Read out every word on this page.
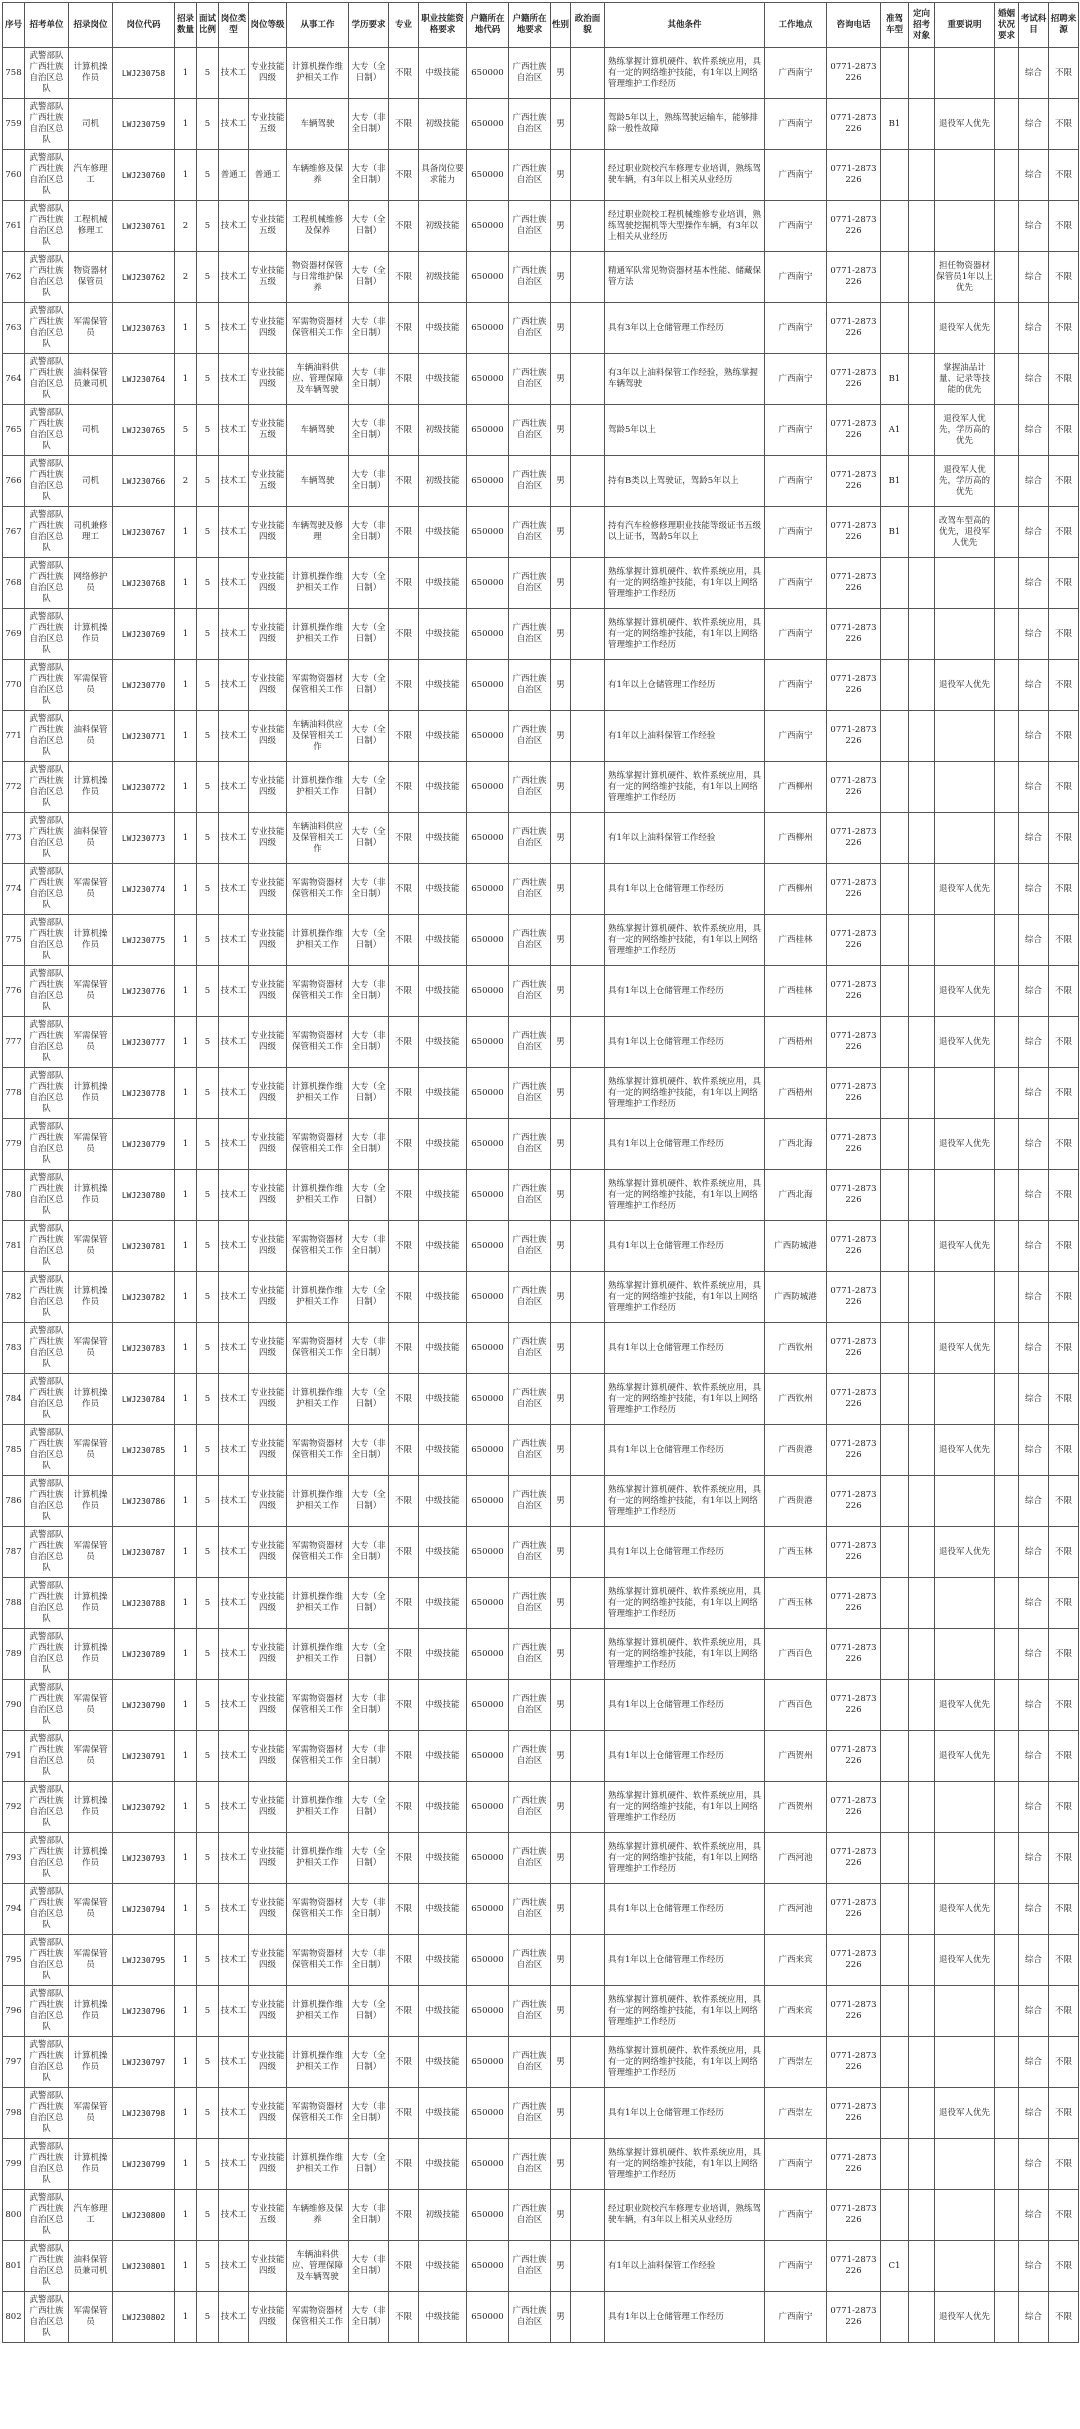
序号	招考单位	招录岗位	岗位代码	招录数量	面试比例	岗位类型	岗位等级	从事工作	学历要求	专业	职业技能资格要求	户籍所在地代码	户籍所在地要求	性别	政治面貌	其他条件	工作地点	咨询电话	准驾车型	定向招考对象	重要说明	婚姻状况要求	考试科目	招聘来源
758	武警部队广西壮族自治区总队	计算机操作员	LWJ230758	1	5	技术工	专业技能四级	计算机操作维护相关工作	大专（全日制）	不限	中级技能	650000	广西壮族自治区	男		熟练掌握计算机硬件、软件系统应用，具有一定的网络维护技能，有1年以上网络管理维护工作经历	广西南宁	0771-2873226					综合	不限
759	武警部队广西壮族自治区总队	司机	LWJ230759	1	5	技术工	专业技能五级	车辆驾驶	大专（非全日制）	不限	初级技能	650000	广西壮族自治区	男		驾龄5年以上，熟练驾驶运输车，能够排除一般性故障	广西南宁	0771-2873226	B1		退役军人优先		综合	不限
760	武警部队广西壮族自治区总队	汽车修理工	LWJ230760	1	5	普通工	普通工	车辆维修及保养	大专（非全日制）	不限	具备岗位要求能力	650000	广西壮族自治区	男		经过职业院校汽车修理专业培训，熟练驾驶车辆，有3年以上相关从业经历	广西南宁	0771-2873226					综合	不限
761	武警部队广西壮族自治区总队	工程机械修理工	LWJ230761	2	5	技术工	专业技能五级	工程机械维修及保养	大专（全日制）	不限	初级技能	650000	广西壮族自治区	男		经过职业院校工程机械维修专业培训，熟练驾驶挖掘机等大型操作车辆，有3年以上相关从业经历	广西南宁	0771-2873226					综合	不限
762	武警部队广西壮族自治区总队	物资器材保管员	LWJ230762	2	5	技术工	专业技能五级	物资器材保管与日常维护保养	大专（全日制）	不限	初级技能	650000	广西壮族自治区	男		精通军队常见物资器材基本性能、储藏保管方法	广西南宁	0771-2873226			担任物资器材保管员1年以上优先		综合	不限
763	武警部队广西壮族自治区总队	军需保管员	LWJ230763	1	5	技术工	专业技能四级	军需物资器材保管相关工作	大专（非全日制）	不限	中级技能	650000	广西壮族自治区	男		具有3年以上仓储管理工作经历	广西南宁	0771-2873226			退役军人优先		综合	不限
764	武警部队广西壮族自治区总队	油料保管员兼司机	LWJ230764	1	5	技术工	专业技能四级	车辆油料供应、管理保障及车辆驾驶	大专（非全日制）	不限	中级技能	650000	广西壮族自治区	男		有3年以上油料保管工作经验，熟练掌握车辆驾驶	广西南宁	0771-2873226	B1		掌握油品计量、记录等技能的优先		综合	不限
765	武警部队广西壮族自治区总队	司机	LWJ230765	5	5	技术工	专业技能五级	车辆驾驶	大专（非全日制）	不限	初级技能	650000	广西壮族自治区	男		驾龄5年以上	广西南宁	0771-2873226	A1		退役军人优先，学历高的优先		综合	不限
766	武警部队广西壮族自治区总队	司机	LWJ230766	2	5	技术工	专业技能五级	车辆驾驶	大专（非全日制）	不限	初级技能	650000	广西壮族自治区	男		持有B类以上驾驶证，驾龄5年以上	广西南宁	0771-2873226	B1		退役军人优先，学历高的优先		综合	不限
767	武警部队广西壮族自治区总队	司机兼修理工	LWJ230767	1	5	技术工	专业技能四级	车辆驾驶及修理	大专（非全日制）	不限	中级技能	650000	广西壮族自治区	男		持有汽车检修修理职业技能等级证书五级以上证书，驾龄5年以上	广西南宁	0771-2873226	B1		改驾车型高的优先，退役军人优先		综合	不限
768	武警部队广西壮族自治区总队	网络修护员	LWJ230768	1	5	技术工	专业技能四级	计算机操作维护相关工作	大专（全日制）	不限	中级技能	650000	广西壮族自治区	男		熟练掌握计算机硬件、软件系统应用，具有一定的网络维护技能，有1年以上网络管理维护工作经历	广西南宁	0771-2873226					综合	不限
769	武警部队广西壮族自治区总队	计算机操作员	LWJ230769	1	5	技术工	专业技能四级	计算机操作维护相关工作	大专（全日制）	不限	中级技能	650000	广西壮族自治区	男		熟练掌握计算机硬件、软件系统应用，具有一定的网络维护技能，有1年以上网络管理维护工作经历	广西南宁	0771-2873226					综合	不限
770	武警部队广西壮族自治区总队	军需保管员	LWJ230770	1	5	技术工	专业技能四级	军需物资器材保管相关工作	大专（全日制）	不限	中级技能	650000	广西壮族自治区	男		有1年以上仓储管理工作经历	广西南宁	0771-2873226			退役军人优先		综合	不限
771	武警部队广西壮族自治区总队	油料保管员	LWJ230771	1	5	技术工	专业技能四级	车辆油料供应及保管相关工作	大专（全日制）	不限	中级技能	650000	广西壮族自治区	男		有1年以上油料保管工作经验	广西南宁	0771-2873226					综合	不限
772	武警部队广西壮族自治区总队	计算机操作员	LWJ230772	1	5	技术工	专业技能四级	计算机操作维护相关工作	大专（全日制）	不限	中级技能	650000	广西壮族自治区	男		熟练掌握计算机硬件、软件系统应用，具有一定的网络维护技能，有1年以上网络管理维护工作经历	广西柳州	0771-2873226					综合	不限
773	武警部队广西壮族自治区总队	油料保管员	LWJ230773	1	5	技术工	专业技能四级	车辆油料供应及保管相关工作	大专（全日制）	不限	中级技能	650000	广西壮族自治区	男		有1年以上油料保管工作经验	广西柳州	0771-2873226					综合	不限
774	武警部队广西壮族自治区总队	军需保管员	LWJ230774	1	5	技术工	专业技能四级	军需物资器材保管相关工作	大专（非全日制）	不限	中级技能	650000	广西壮族自治区	男		具有1年以上仓储管理工作经历	广西柳州	0771-2873226			退役军人优先		综合	不限
775	武警部队广西壮族自治区总队	计算机操作员	LWJ230775	1	5	技术工	专业技能四级	计算机操作维护相关工作	大专（全日制）	不限	中级技能	650000	广西壮族自治区	男		熟练掌握计算机硬件、软件系统应用，具有一定的网络维护技能，有1年以上网络管理维护工作经历	广西桂林	0771-2873226					综合	不限
776	武警部队广西壮族自治区总队	军需保管员	LWJ230776	1	5	技术工	专业技能四级	军需物资器材保管相关工作	大专（非全日制）	不限	中级技能	650000	广西壮族自治区	男		具有1年以上仓储管理工作经历	广西桂林	0771-2873226			退役军人优先		综合	不限
777	武警部队广西壮族自治区总队	军需保管员	LWJ230777	1	5	技术工	专业技能四级	军需物资器材保管相关工作	大专（非全日制）	不限	中级技能	650000	广西壮族自治区	男		具有1年以上仓储管理工作经历	广西梧州	0771-2873226			退役军人优先		综合	不限
778	武警部队广西壮族自治区总队	计算机操作员	LWJ230778	1	5	技术工	专业技能四级	计算机操作维护相关工作	大专（全日制）	不限	中级技能	650000	广西壮族自治区	男		熟练掌握计算机硬件、软件系统应用，具有一定的网络维护技能，有1年以上网络管理维护工作经历	广西梧州	0771-2873226					综合	不限
779	武警部队广西壮族自治区总队	军需保管员	LWJ230779	1	5	技术工	专业技能四级	军需物资器材保管相关工作	大专（非全日制）	不限	中级技能	650000	广西壮族自治区	男		具有1年以上仓储管理工作经历	广西北海	0771-2873226			退役军人优先		综合	不限
780	武警部队广西壮族自治区总队	计算机操作员	LWJ230780	1	5	技术工	专业技能四级	计算机操作维护相关工作	大专（全日制）	不限	中级技能	650000	广西壮族自治区	男		熟练掌握计算机硬件、软件系统应用，具有一定的网络维护技能，有1年以上网络管理维护工作经历	广西北海	0771-2873226					综合	不限
781	武警部队广西壮族自治区总队	军需保管员	LWJ230781	1	5	技术工	专业技能四级	军需物资器材保管相关工作	大专（非全日制）	不限	中级技能	650000	广西壮族自治区	男		具有1年以上仓储管理工作经历	广西防城港	0771-2873226			退役军人优先		综合	不限
782	武警部队广西壮族自治区总队	计算机操作员	LWJ230782	1	5	技术工	专业技能四级	计算机操作维护相关工作	大专（全日制）	不限	中级技能	650000	广西壮族自治区	男		熟练掌握计算机硬件、软件系统应用，具有一定的网络维护技能，有1年以上网络管理维护工作经历	广西防城港	0771-2873226					综合	不限
783	武警部队广西壮族自治区总队	军需保管员	LWJ230783	1	5	技术工	专业技能四级	军需物资器材保管相关工作	大专（非全日制）	不限	中级技能	650000	广西壮族自治区	男		具有1年以上仓储管理工作经历	广西钦州	0771-2873226			退役军人优先		综合	不限
784	武警部队广西壮族自治区总队	计算机操作员	LWJ230784	1	5	技术工	专业技能四级	计算机操作维护相关工作	大专（全日制）	不限	中级技能	650000	广西壮族自治区	男		熟练掌握计算机硬件、软件系统应用，具有一定的网络维护技能，有1年以上网络管理维护工作经历	广西钦州	0771-2873226					综合	不限
785	武警部队广西壮族自治区总队	军需保管员	LWJ230785	1	5	技术工	专业技能四级	军需物资器材保管相关工作	大专（非全日制）	不限	中级技能	650000	广西壮族自治区	男		具有1年以上仓储管理工作经历	广西贵港	0771-2873226			退役军人优先		综合	不限
786	武警部队广西壮族自治区总队	计算机操作员	LWJ230786	1	5	技术工	专业技能四级	计算机操作维护相关工作	大专（全日制）	不限	中级技能	650000	广西壮族自治区	男		熟练掌握计算机硬件、软件系统应用，具有一定的网络维护技能，有1年以上网络管理维护工作经历	广西贵港	0771-2873226					综合	不限
787	武警部队广西壮族自治区总队	军需保管员	LWJ230787	1	5	技术工	专业技能四级	军需物资器材保管相关工作	大专（非全日制）	不限	中级技能	650000	广西壮族自治区	男		具有1年以上仓储管理工作经历	广西玉林	0771-2873226			退役军人优先		综合	不限
788	武警部队广西壮族自治区总队	计算机操作员	LWJ230788	1	5	技术工	专业技能四级	计算机操作维护相关工作	大专（全日制）	不限	中级技能	650000	广西壮族自治区	男		熟练掌握计算机硬件、软件系统应用，具有一定的网络维护技能，有1年以上网络管理维护工作经历	广西玉林	0771-2873226					综合	不限
789	武警部队广西壮族自治区总队	计算机操作员	LWJ230789	1	5	技术工	专业技能四级	计算机操作维护相关工作	大专（全日制）	不限	中级技能	650000	广西壮族自治区	男		熟练掌握计算机硬件、软件系统应用，具有一定的网络维护技能，有1年以上网络管理维护工作经历	广西百色	0771-2873226					综合	不限
790	武警部队广西壮族自治区总队	军需保管员	LWJ230790	1	5	技术工	专业技能四级	军需物资器材保管相关工作	大专（非全日制）	不限	中级技能	650000	广西壮族自治区	男		具有1年以上仓储管理工作经历	广西百色	0771-2873226			退役军人优先		综合	不限
791	武警部队广西壮族自治区总队	军需保管员	LWJ230791	1	5	技术工	专业技能四级	军需物资器材保管相关工作	大专（非全日制）	不限	中级技能	650000	广西壮族自治区	男		具有1年以上仓储管理工作经历	广西贺州	0771-2873226			退役军人优先		综合	不限
792	武警部队广西壮族自治区总队	计算机操作员	LWJ230792	1	5	技术工	专业技能四级	计算机操作维护相关工作	大专（全日制）	不限	中级技能	650000	广西壮族自治区	男		熟练掌握计算机硬件、软件系统应用，具有一定的网络维护技能，有1年以上网络管理维护工作经历	广西贺州	0771-2873226					综合	不限
793	武警部队广西壮族自治区总队	计算机操作员	LWJ230793	1	5	技术工	专业技能四级	计算机操作维护相关工作	大专（全日制）	不限	中级技能	650000	广西壮族自治区	男		熟练掌握计算机硬件、软件系统应用，具有一定的网络维护技能，有1年以上网络管理维护工作经历	广西河池	0771-2873226					综合	不限
794	武警部队广西壮族自治区总队	军需保管员	LWJ230794	1	5	技术工	专业技能四级	军需物资器材保管相关工作	大专（非全日制）	不限	中级技能	650000	广西壮族自治区	男		具有1年以上仓储管理工作经历	广西河池	0771-2873226			退役军人优先		综合	不限
795	武警部队广西壮族自治区总队	军需保管员	LWJ230795	1	5	技术工	专业技能四级	军需物资器材保管相关工作	大专（非全日制）	不限	中级技能	650000	广西壮族自治区	男		具有1年以上仓储管理工作经历	广西来宾	0771-2873226			退役军人优先		综合	不限
796	武警部队广西壮族自治区总队	计算机操作员	LWJ230796	1	5	技术工	专业技能四级	计算机操作维护相关工作	大专（全日制）	不限	中级技能	650000	广西壮族自治区	男		熟练掌握计算机硬件、软件系统应用，具有一定的网络维护技能，有1年以上网络管理维护工作经历	广西来宾	0771-2873226					综合	不限
797	武警部队广西壮族自治区总队	计算机操作员	LWJ230797	1	5	技术工	专业技能四级	计算机操作维护相关工作	大专（全日制）	不限	中级技能	650000	广西壮族自治区	男		熟练掌握计算机硬件、软件系统应用，具有一定的网络维护技能，有1年以上网络管理维护工作经历	广西崇左	0771-2873226					综合	不限
798	武警部队广西壮族自治区总队	军需保管员	LWJ230798	1	5	技术工	专业技能四级	军需物资器材保管相关工作	大专（非全日制）	不限	中级技能	650000	广西壮族自治区	男		具有1年以上仓储管理工作经历	广西崇左	0771-2873226			退役军人优先		综合	不限
799	武警部队广西壮族自治区总队	计算机操作员	LWJ230799	1	5	技术工	专业技能四级	计算机操作维护相关工作	大专（全日制）	不限	中级技能	650000	广西壮族自治区	男		熟练掌握计算机硬件、软件系统应用，具有一定的网络维护技能，有1年以上网络管理维护工作经历	广西南宁	0771-2873226					综合	不限
800	武警部队广西壮族自治区总队	汽车修理工	LWJ230800	1	5	技术工	专业技能五级	车辆维修及保养	大专（非全日制）	不限	初级技能	650000	广西壮族自治区	男		经过职业院校汽车修理专业培训，熟练驾驶车辆，有3年以上相关从业经历	广西南宁	0771-2873226					综合	不限
801	武警部队广西壮族自治区总队	油料保管员兼司机	LWJ230801	1	5	技术工	专业技能四级	车辆油料供应、管理保障及车辆驾驶	大专（非全日制）	不限	中级技能	650000	广西壮族自治区	男		有1年以上油料保管工作经验	广西南宁	0771-2873226	C1				综合	不限
802	武警部队广西壮族自治区总队	军需保管员	LWJ230802	1	5	技术工	专业技能四级	军需物资器材保管相关工作	大专（非全日制）	不限	中级技能	650000	广西壮族自治区	男		具有1年以上仓储管理工作经历	广西南宁	0771-2873226			退役军人优先		综合	不限
